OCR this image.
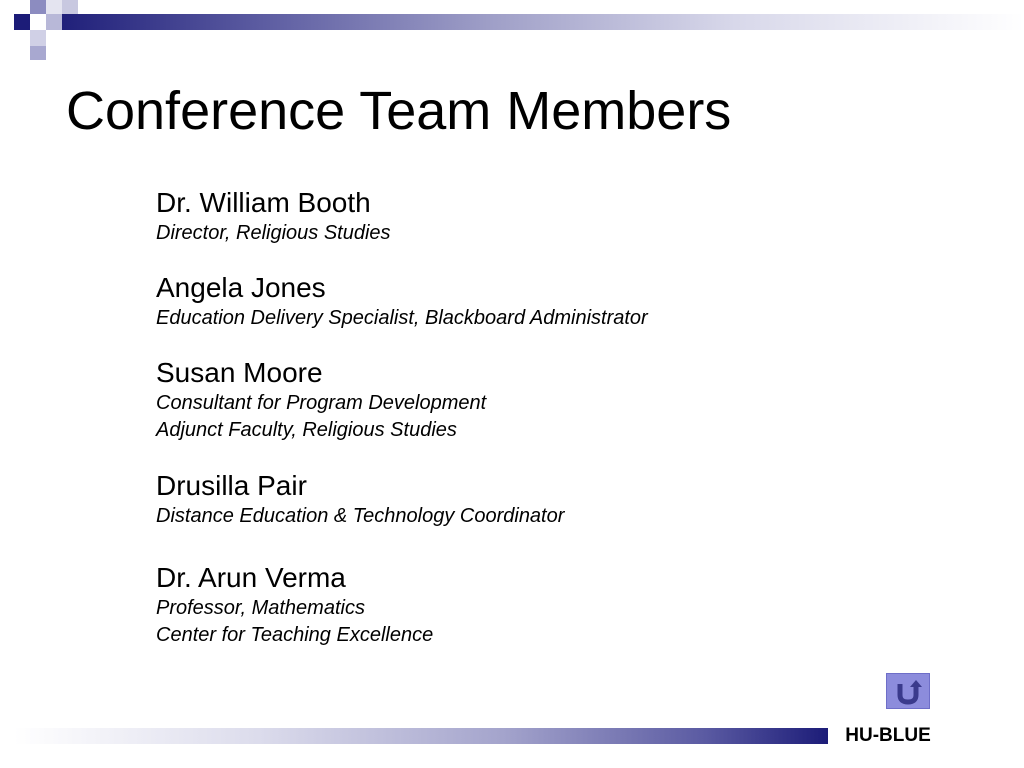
Conference Team Members
Dr. William Booth
Director, Religious Studies
Angela Jones
Education Delivery Specialist, Blackboard Administrator
Susan Moore
Consultant for Program Development
Adjunct Faculty, Religious Studies
Drusilla Pair
Distance Education & Technology Coordinator
Dr. Arun Verma
Professor, Mathematics
Center for Teaching Excellence
HU-BLUE
